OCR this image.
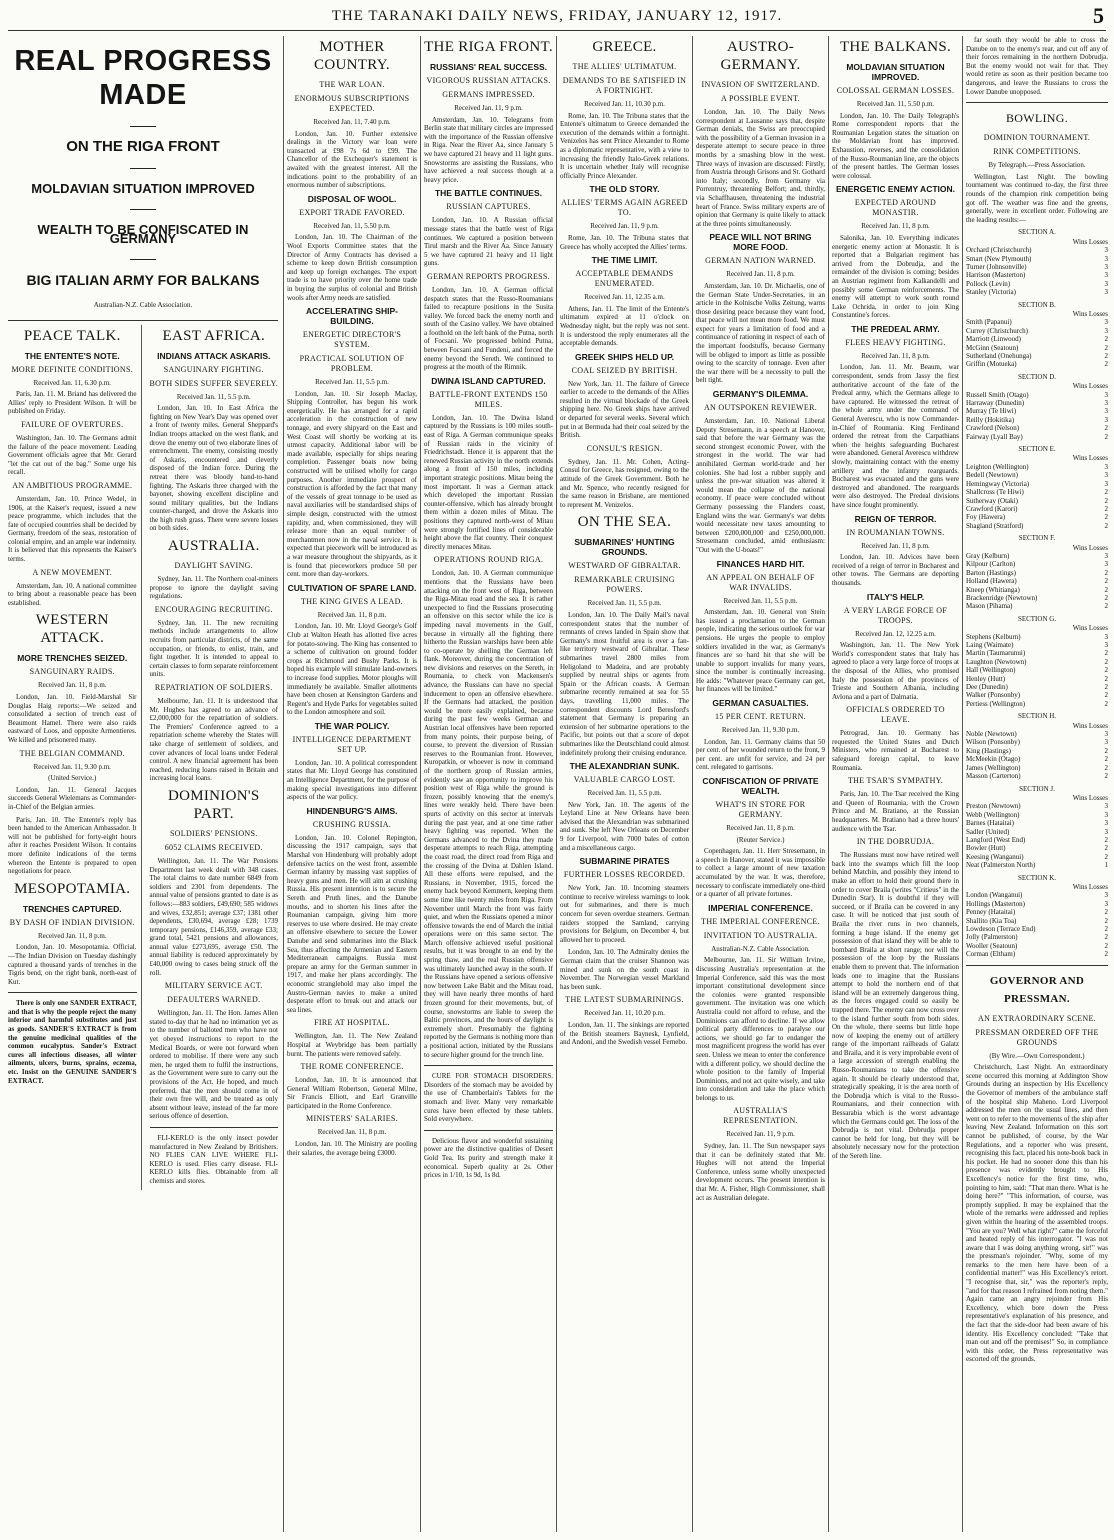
THE TARANAKI DAILY NEWS, FRIDAY, JANUARY 12, 1917.	5
REAL PROGRESS MADE
ON THE RIGA FRONT
MOLDAVIAN SITUATION IMPROVED
WEALTH TO BE CONFISCATED IN GERMANY
BIG ITALIAN ARMY FOR BALKANS
Australian-N.Z. Cable Association.
PEACE TALK.
THE ENTENTE'S NOTE.
MORE DEFINITE CONDITIONS.
Received Jan. 11, 6.30 p.m.

Paris, Jan. 11. M. Briand has delivered the Allies' reply to President Wilson. It will be published on Friday.

FAILURE OF OVERTURES.

Washington, Jan. 10. The Germans admit the failure of the peace movement. Leading Government officials agree that Mr. Gerard "let the cat out of the bag." Some urge his recall.

AN AMBITIOUS PROGRAMME.

Amsterdam, Jan. 10. Prince Wedel, in 1906, at the Kaiser's request, issued a new peace programme, which includes that the fate of occupied countries shall be decided by Germany, freedom of the seas, restoration of colonial empire, and an ample war indemnity. It is believed that this represents the Kaiser's terms.

A NEW MOVEMENT.

Amsterdam, Jan. 10. A national committee to bring about a reasonable peace has been established.

WESTERN ATTACK.
MORE TRENCHES SEIZED.
SANGUINARY RAIDS.
Received Jan. 11, 8 p.m.

London, Jan. 10. Field-Marshal Sir Douglas Haig reports:—We seized and consolidated a section of trench east of Beaumont Hamel. There were also raids eastward of Loos, and opposite Armentieres. We killed and prisonered many.

THE BELGIAN COMMAND.
Received Jan. 11, 9.30 p.m.
(United Service.)

London, Jan. 11. General Jacques succeeds General Wielemans as Commander-in-Chief of the Belgian armies.

Paris, Jan. 10. The Entente's reply has been handed to the American Ambassador. It will not be published for forty-eight hours after it reaches President Wilson. It contains more definite indications of the terms whereon the Entente is prepared to open negotiations for peace.

MESOPOTAMIA.
TRENCHES CAPTURED.
BY DASH OF INDIAN DIVISION.
Received Jan. 11, 8 p.m.

London, Jan. 10. Mesopotamia. Official.—The Indian Division on Tuesday dashingly captured a thousand yards of trenches in the Tigris bend, on the right bank, north-east of Kut.

There is only one SANDER EXTRACT, and that is why the people reject the many inferior and harmful substitutes and just as goods. SANDER'S EXTRACT is from the genuine medicinal qualities of the common eucalyptus. Sander's Extract cures all infectious diseases, all winter ailments, ulcers, burns, sprains, eczema, etc. Insist on the GENUINE SANDER'S EXTRACT.

EAST AFRICA.
INDIANS ATTACK ASKARIS.
SANGUINARY FIGHTING.
BOTH SIDES SUFFER SEVERELY.
Received Jan. 11, 5.5 p.m.

London, Jan. 10. In East Africa the fighting on New Year's Day was opened over a front of twenty miles. General Sheppard's Indian troops attacked on the west flank, and drove the enemy out of two elaborate lines of entrenchment. The enemy, consisting mostly of Askaris, encountered and cleverly disposed of the Indian force. During the retreat there was bloody hand-to-hand fighting. The Askaris three charged with the bayonet, showing excellent discipline and sound military qualities, but the Indians counter-charged, and drove the Askaris into the high rush grass. There were severe losses on both sides.

AUSTRALIA.
DAYLIGHT SAVING.

Sydney, Jan. 11. The Northern coal-miners propose to ignore the daylight saving regulations.

ENCOURAGING RECRUITING.

Sydney, Jan. 11. The new recruiting methods include arrangements to allow recruits from particular districts, of the same occupation, or friends, to enlist, train, and fight together. It is intended to appeal to certain classes to form separate reinforcement units.

REPATRIATION OF SOLDIERS.

Melbourne, Jan. 11. It is understood that Mr. Hughes has agreed to an advance of £2,000,000 for the repatriation of soldiers. The Premiers' Conference agreed to a repatriation scheme whereby the States will take charge of settlement of soldiers, and cover advances of local loans under Federal control. A new financial agreement has been reached, reducing loans raised in Britain and increasing local loans.

DOMINION'S PART.
SOLDIERS' PENSIONS.
6052 CLAIMS RECEIVED.

Wellington, Jan. 11. The War Pensions Department last week dealt with 348 cases. The total claims to date number 6849 from soldiers and 2301 from dependents. The annual value of pensions granted to date is as follows:—883 soldiers, £49,690; 585 widows and wives, £32,851; average £37; 1381 other dependents, £30,694, average £28; 1739 temporary pensions, £146,359, average £33; grand total, 5421 pensions and allowances, annual value £273,695, average £50. The annual liability is reduced approximately by £40,000 owing to cases being struck off the roll.

MILITARY SERVICE ACT.
DEFAULTERS WARNED.

Wellington, Jan. 11. The Hon. James Allen stated to-day that he had no intimation yet as to the number of balloted men who have not yet obeyed instructions to report to the Medical Boards, or were not forward when ordered to mobilise. If there were any such men, he urged them to fulfil the instructions, as the Government were sure to carry out the provisions of the Act. He hoped, and much preferred, that the men should come in of their own free will, and be treated as only absent without leave, instead of the far more serious offence of desertion.

FLI-KERLO is the only insect powder manufactured in New Zealand by Britishers. NO FLIES CAN LIVE WHERE FLI-KERLO is used. Flies carry disease. FLI-KERLO kills flies. Obtainable from all chemists and stores.

MOTHER COUNTRY.
THE WAR LOAN.
ENORMOUS SUBSCRIPTIONS EXPECTED.
Received Jan. 11, 7.40 p.m.

London, Jan. 10. Further extensive dealings in the Victory war loan were transacted at £98 7s 6d to £99. The Chancellor of the Exchequer's statement is awaited with the greatest interest. All the indications point to the probability of an enormous number of subscriptions.

DISPOSAL OF WOOL.
EXPORT TRADE FAVORED.
Received Jan. 11, 5.50 p.m.

London, Jan. 10. The Chairman of the Wool Exports Committee states that the Director of Army Contracts has devised a scheme to keep down British consumption and keep up foreign exchanges. The export trade is to have priority over the home trade in buying the surplus of colonial and British wools after Army needs are satisfied.

ACCELERATING SHIP-BUILDING.
ENERGETIC DIRECTOR'S SYSTEM.
PRACTICAL SOLUTION OF PROBLEM.
Received Jan. 11, 5.5 p.m.

London, Jan. 10. Sir Joseph Maclay, Shipping Controller, has begun his work energetically. He has arranged for a rapid acceleration in the construction of new tonnage, and every shipyard on the East and West Coast will shortly be working at its utmost capacity. Additional labor will be made available, especially for ships nearing completion. Passenger boats now being constructed will be utilised wholly for cargo purposes. Another immediate prospect of construction is afforded by the fact that many of the vessels of great tonnage to be used as naval auxiliaries will be standardised ships of simple design, constructed with the utmost rapidity, and, when commissioned, they will release more than an equal number of merchantmen now in the naval service. It is expected that piecework will be introduced as a war measure throughout the shipyards, as it is found that pieceworkers produce 50 per cent. more than day-workers.

CULTIVATION OF SPARE LAND.
THE KING GIVES A LEAD.
Received Jan. 11, 8 p.m.

London, Jan. 10. Mr. Lloyd George's Golf Club at Walton Heath has allotted five acres for potato-sowing. The King has consented to a scheme of cultivation on ground fodder crops at Richmond and Bushy Parks. It is hoped his example will stimulate land-owners to increase food supplies. Motor ploughs will immediately be available. Smaller allotments have been chosen at Kensington Gardens and Regent's and Hyde Parks for vegetables suited to the London atmosphere and soil.

THE WAR POLICY.
INTELLIGENCE DEPARTMENT SET UP.

London, Jan. 10. A political correspondent states that Mr. Lloyd George has constituted an Intelligence Department, for the purpose of making special investigations into different aspects of the war policy.

HINDENBURG'S AIMS.
CRUSHING RUSSIA.

London, Jan. 10. Colonel Repington, discussing the 1917 campaign, says that Marshal von Hindenburg will probably adopt defensive tactics on the west front, assemble German infantry by massing vast supplies of heavy guns and men. He will aim at crushing Russia. His present intention is to secure the Sereth and Pruth lines, and the Danube mouths, and to shorten his lines after the Roumanian campaign, giving him more reserves to use where desired. He may create an offensive elsewhere to secure the Lower Danube and send submarines into the Black Sea, thus affecting the Armenian and Eastern Mediterranean campaigns. Russia must prepare an army for the German summer in 1917, and make her plans accordingly. The economic stranglehold may also impel the Austro-German navies to make a united desperate effort to break out and attack our sea lines.

FIRE AT HOSPITAL.

Wellington, Jan. 11. The New Zealand Hospital at Weybridge has been partially burnt. The patients were removed safely.

THE ROME CONFERENCE.

London, Jan. 10. It is announced that General William Robertson, General Milne, Sir Francis Elliott, and Earl Granville participated in the Rome Conference.

MINISTERS' SALARIES.
Received Jan. 11, 8 p.m.

London, Jan. 10. The Ministry are pooling their salaries, the average being £3000.

THE RIGA FRONT.
RUSSIANS' REAL SUCCESS.
VIGOROUS RUSSIAN ATTACKS.
GERMANS IMPRESSED.
Received Jan. 11, 9 p.m.

Amsterdam, Jan. 10. Telegrams from Berlin state that military circles are impressed with the importance of the Russian offensive in Riga. Near the River Aa, since January 5 we have captured 21 heavy and 11 light guns. Snowstorms are assisting the Russians, who have achieved a real success though at a heavy price.

THE BATTLE CONTINUES.
RUSSIAN CAPTURES.

London, Jan. 10. A Russian official message states that the battle west of Riga continues. We captured a position between Tirul marsh and the River Aa. Since January 5 we have captured 21 heavy and 11 light guns.

GERMAN REPORTS PROGRESS.

London, Jan. 10. A German official despatch states that the Russo-Roumanians failed to recapture positions in the Susita valley. We forced back the enemy north and south of the Casino valley. We have obtained a foothold on the left bank of the Putna, north of Focsani. We progressed behind Putna, between Focsani and Fundeni, and forced the enemy beyond the Sereth. We continued to progress at the mouth of the Rimnik.

DWINA ISLAND CAPTURED.
BATTLE-FRONT EXTENDS 150 MILES.

London, Jan. 10. The Dwina Island captured by the Russians is 100 miles south-east of Riga. A German communique speaks of Russian raids in the vicinity of Friedrichstadt. Hence it is apparent that the renewed Russian activity in the north extends along a front of 150 miles, including important strategic positions. Mitau being the most important. It was a German attack which developed the important Russian counter-offensive, which has already brought them within a dozen miles of Mitau. The positions they captured north-west of Mitau were strongly fortified lines of considerable height above the flat country. Their conquest directly menaces Mitau.

OPERATIONS ROUND RIGA.

London, Jan. 10. A German communique mentions that the Russians have been attacking on the front west of Riga, between the Riga-Mitau road and the sea. It is rather unexpected to find the Russians prosecuting an offensive on this sector while the ice is impeding naval movements in the Gulf, because in virtually all the fighting there hitherto the Russian warships have been able to co-operate by shelling the German left flank. Moreover, during the concentration of new divisions and reserves on the Sereth, in Roumania, to check von Mackensen's advance, the Russians can have no special inducement to open an offensive elsewhere. If the Germans had attacked, the position would be more easily explained, because during the past few weeks German and Austrian local offensives have been reported from many points, their purpose being, of course, to prevent the diversion of Russian reserves to the Roumanian front. However, Kuropatkin, or whoever is now in command of the northern group of Russian armies, evidently saw an opportunity to improve his position west of Riga while the ground is frozen, possibly knowing that the enemy's lines were weakly held. There have been spurts of activity on this sector at intervals during the past year, and at one time rather heavy fighting was reported. When the Germans advanced to the Dvina they made desperate attempts to reach Riga, attempting the coast road, the direct road from Riga and the crossing of the Dvina at Dahlen Island. All these efforts were repulsed, and the Russians, in November, 1915, forced the enemy back beyond Kemmern, keeping them some time like twenty miles from Riga. From November until March the front was fairly quiet, and when the Russians opened a minor offensive towards the end of March the initial operations were on this same sector. The March offensive achieved useful positional results, but it was brought to an end by the spring thaw, and the real Russian offensive was ultimately launched away in the south. If the Russians have opened a serious offensive now between Lake Babit and the Mitau road, they will have nearly three months of hard frozen ground for their movements, but, of course, snowstorms are liable to sweep the Baltic provinces, and the hours of daylight is extremely short. Presumably the fighting reported by the Germans is nothing more than a positional action, initiated by the Russians to secure higher ground for the trench line.

CURE FOR STOMACH DISORDERS. Disorders of the stomach may be avoided by the use of Chamberlain's Tablets for the stomach and liver. Many very remarkable cures have been effected by these tablets. Sold everywhere.

Delicious flavor and wonderful sustaining power are the distinctive qualities of Desert Gold Tea. Its purity and strength make it economical. Superb quality at 2s. Other prices in 1/10, 1s 9d, 1s 8d.

GREECE.
THE ALLIES' ULTIMATUM.
DEMANDS TO BE SATISFIED IN A FORTNIGHT.
Received Jan. 11, 10.30 p.m.

Rome, Jan. 10. The Tribuna states that the Entente's ultimatum to Greece demanded the execution of the demands within a fortnight. Venizelos has sent Prince Alexander to Rome as a diplomatic representative, with a view to increasing the friendly Italo-Greek relations. It is uncertain whether Italy will recognise officially Prince Alexander.

THE OLD STORY.
ALLIES' TERMS AGAIN AGREED TO.
Received Jan. 11, 9 p.m.

Rome, Jan. 10. The Tribuna states that Greece has wholly accepted the Allies' terms.

THE TIME LIMIT.
ACCEPTABLE DEMANDS ENUMERATED.
Received Jan. 11, 12.35 a.m.

Athens, Jan. 11. The limit of the Entente's ultimatum expired at 11 o'clock on Wednesday night, but the reply was not sent. It is understood the reply enumerates all the acceptable demands.

GREEK SHIPS HELD UP.
COAL SEIZED BY BRITISH.

New York, Jan. 11. The failure of Greece earlier to accede to the demands of the Allies resulted in the virtual blockade of the Greek shipping here. No Greek ships have arrived or departed for several weeks. Several which put in at Bermuda had their coal seized by the British.

CONSUL'S RESIGN.

Sydney, Jan. 11. Mr. Cohen, Acting-Consul for Greece, has resigned, owing to the attitude of the Greek Government. Both he and Mr. Spence, who recently resigned for the same reason in Brisbane, are mentioned to represent M. Venizelos.

ON THE SEA.
SUBMARINES' HUNTING GROUNDS.
WESTWARD OF GIBRALTAR.
REMARKABLE CRUISING POWERS.
Received Jan. 11, 5.5 p.m.

London, Jan. 10. The Daily Mail's naval correspondent states that the number of remnants of crews landed in Spain show that Germany's most fruitful area is over a fan-like territory westward of Gibraltar. These submarines travel 2800 miles from Heligoland to Madeira, and are probably supplied by neutral ships or agents from Spain or the African coasts. A German submarine recently remained at sea for 55 days, travelling 11,000 miles. The correspondent discounts Lord Beresford's statement that Germany is preparing an extension of her submarine operations to the Pacific, but points out that a score of depot submarines like the Deutschland could almost indefinitely prolong their cruising endurance.

THE ALEXANDRIAN SUNK.
VALUABLE CARGO LOST.
Received Jan. 11, 5.5 p.m.

New York, Jan. 10. The agents of the Leyland Line at New Orleans have been advised that the Alexandrian was submarined and sunk. She left New Orleans on December 9 for Liverpool, with 7000 bales of cotton and a miscellaneous cargo.

SUBMARINE PIRATES
FURTHER LOSSES RECORDED.

New York, Jan. 10. Incoming steamers continue to receive wireless warnings to look out for submarines, and there is much concern for seven overdue steamers. German raiders stopped the Samland, carrying provisions for Belgium, on December 4, but allowed her to proceed.

London, Jan. 10. The Admiralty denies the German claim that the cruiser Shannon was mined and sunk on the south coast in November. The Norwegian vessel Markland has been sunk.

THE LATEST SUBMARININGS.
Received Jan. 11, 10.20 p.m.

London, Jan. 11. The sinkings are reported of the British steamers Baynesk, Lynfield, and Andoni, and the Swedish vessel Fernebo.

AUSTRO-GERMANY.
INVASION OF SWITZERLAND.
A POSSIBLE EVENT.

London, Jan. 10. The Daily News correspondent at Lausanne says that, despite German denials, the Swiss are preoccupied with the possibility of a German invasion in a desperate attempt to secure peace in three months by a smashing blow in the west. Three ways of invasion are discussed: Firstly, from Austria through Grisons and St. Gothard into Italy; secondly, from Germany via Porrentruy, threatening Belfort; and, thirdly, via Schaffhausen, threatening the industrial heart of France. Swiss military experts are of opinion that Germany is quite likely to attack at the three points simultaneously.

PEACE WILL NOT BRING MORE FOOD.
GERMAN NATION WARNED.
Received Jan. 11, 8 p.m.

Amsterdam, Jan. 10. Dr. Michaelis, one of the German State Under-Secretaries, in an article in the Kolnische Volks Zeitung, warns those desiring peace because they want food, that peace will not mean more food. We must expect for years a limitation of food and a continuance of rationing in respect of each of the important foodstuffs, because Germany will be obliged to import as little as possible owing to the scarcity of tonnage. Even after the war there will be a necessity to pull the belt tight.

GERMANY'S DILEMMA.
AN OUTSPOKEN REVIEWER.

Amsterdam, Jan. 10. National Liberal Deputy Stresemann, in a speech at Hanover, said that before the war Germany was the second strongest economic Power, with the strongest in the world. The war had annihilated German world-trade and her colonies. She had lost a rubber supply and unless the pre-war situation was altered it would mean the collapse of the national economy. If peace were concluded without Germany possessing the Flanders coast, England wins the war. Germany's war debts would necessitate new taxes amounting to between £200,000,000 and £250,000,000. Stresemann concluded, amid enthusiasm: "Out with the U-boats!"

FINANCES HARD HIT.
AN APPEAL ON BEHALF OF WAR INVALIDS.
Received Jan. 11, 5.5 p.m.

Amsterdam, Jan. 10. General von Stein has issued a proclamation to the German people, indicating the serious outlook for war pensions. He urges the people to employ soldiers invalided in the war, as Germany's finances are so hard hit that she will be unable to support invalids for many years, since the number is continually increasing. He adds: "Whatever peace Germany can get, her finances will be limited."

GERMAN CASUALTIES.
15 PER CENT. RETURN.
Received Jan. 11, 9.30 p.m.

London, Jan. 11. Germany claims that 50 per cent. of her wounded return to the front, 9 per cent. are unfit for service, and 24 per cent. relegated to garrisons.

CONFISCATION OF PRIVATE WEALTH.
WHAT'S IN STORE FOR GERMANY.
Received Jan. 11, 8 p.m.
(Reuter Service.)

Copenhagen, Jan. 11. Herr Stresemann, in a speech in Hanover, stated it was impossible to collect a large amount of new taxation accumulated by the war. It was, therefore, necessary to confiscate immediately one-third or a quarter of all private fortunes.

IMPERIAL CONFERENCE.
THE IMPERIAL CONFERENCE.
INVITATION TO AUSTRALIA.
Australian-N.Z. Cable Association.

Melbourne, Jan. 11. Sir William Irvine, discussing Australia's representation at the Imperial Conference, said this was the most important constitutional development since the colonies were granted responsible government. The invitation was one which Australia could not afford to refuse, and the Dominions can afford to decline. If we allow political party differences to paralyse our actions, we should go far to endanger the most magnificent progress the world has ever seen. Unless we mean to enter the conference with a different policy, we should decline the whole position to the family of Imperial Dominions, and not act quite wisely, and take into consideration and take the place which belongs to us.

AUSTRALIA'S REPRESENTATION.
Received Jan. 11, 9 p.m.

Sydney, Jan. 11. The Sun newspaper says that it can be definitely stated that Mr. Hughes will not attend the Imperial Conference, unless some wholly unexpected development occurs. The present intention is that Mr. A. Fisher, High Commissioner, shall act as Australian delegate.

THE BALKANS.
MOLDAVIAN SITUATION IMPROVED.
COLOSSAL GERMAN LOSSES.
Received Jan. 11, 5.50 p.m.

London, Jan. 10. The Daily Telegraph's Rome correspondent reports that the Roumanian Legation states the situation on the Moldavian front has improved. Exhaustion, reverses, and the consolidation of the Russo-Roumanian line, are the objects of the present battles. The German losses were colossal.

ENERGETIC ENEMY ACTION.
EXPECTED AROUND MONASTIR.
Received Jan. 11, 8 p.m.

Salonika, Jan. 10. Everything indicates energetic enemy action at Monastir. It is reported that a Bulgarian regiment has arrived from the Dobrudja, and the remainder of the division is coming; besides an Austrian regiment from Kalkandelli and possibly some German reinforcements. The enemy will attempt to work south round Lake Ochrida, in order to join King Constantine's forces.

THE PREDEAL ARMY.
FLEES HEAVY FIGHTING.
Received Jan. 11, 8 p.m.

London, Jan. 11. Mr. Beaum, war correspondent, sends from Jassy the first authoritative account of the fate of the Predeal army, which the Germans allege to have captured. He witnessed the retreat of the whole army under the command of General Averescu, who is now Commander-in-Chief of Roumania. King Ferdinand ordered the retreat from the Carpathians when the heights safeguarding Bucharest were abandoned. General Averescu withdrew slowly, maintaining contact with the enemy artillery and the infantry rearguards. Bucharest was evacuated and the guns were destroyed and abandoned. The rearguards were also destroyed. The Predeal divisions have since fought prominently.

REIGN OF TERROR.
IN ROUMANIAN TOWNS.
Received Jan. 11, 8 p.m.

London, Jan. 10. Advices have been received of a reign of terror in Bucharest and other towns. The Germans are deporting thousands.

ITALY'S HELP.
A VERY LARGE FORCE OF TROOPS.
Received Jan. 12, 12.25 a.m.

Washington, Jan. 11. The New York World's correspondent states that Italy has agreed to place a very large force of troops at the disposal of the Allies, who promised Italy the possession of the provinces of Trieste and Southern Albania, including Avlona and a part of Dalmatia.

OFFICIALS ORDERED TO LEAVE.

Petrograd, Jan. 10. Germany has requested the United States and Dutch Ministers, who remained at Bucharest to safeguard foreign capital, to leave Roumania.

THE TSAR'S SYMPATHY.

Paris, Jan. 10. The Tsar received the King and Queen of Roumania, with the Crown Prince and M. Bratiano, at the Russian headquarters. M. Bratiano had a three hours' audience with the Tsar.

IN THE DOBRUDJA.

The Russians must now have retired well back into the swamps which fill the loop behind Matchin, and possibly they intend to make an effort to hold their ground there in order to cover Braila (writes "Critieus" in the Dunedin Star). It is doubtful if they will succeed, or if Braila can be covered in any case. It will be noticed that just south of Braila the river runs in two channels, forming a huge island. If the enemy get possession of that island they will be able to bombard Braila at short range; nor will the possession of the loop by the Russians enable them to prevent that. The information leads one to imagine that the Russians attempt to hold the northern end of that island will be an extremely dangerous thing, as the forces engaged could so easily be trapped there. The enemy can now cross over to the island further south from both sides. On the whole, there seems but little hope now of keeping the enemy out of artillery range of the important railheads of Galatz and Braila, and it is very improbable event of a large accession of strength enabling the Russo-Roumanians to take the offensive again. It should be clearly understood that, strategically speaking, it is the area north of the Dobrudja which is vital to the Russo-Roumanians, and their connection with Bessarabia which is the worst advantage which the Germans could get. The loss of the Dobrudja is not vital. Dobrudja proper cannot be held for long, but they will be absolutely necessary now for the protection of the Sereth line.

far south they would be able to cross the Danube on to the enemy's rear, and cut off any of their forces remaining in the northern Dobrudja. But the enemy would not wait for that. They would retire as soon as their position became too dangerous, and leave the Russians to cross the Lower Danube unopposed.

BOWLING.
DOMINION TOURNAMENT.
RINK COMPETITIONS.
By Telegraph.—Press Association.

Wellington, Last Night. The bowling tournament was continued to-day, the first three rounds of the champion rink competition being got off. The weather was fine and the greens, generally, were in excellent order. Following are the leading results:—

SECTION A.
Wins Losses
Orchard (Christchurch)	3
Smart (New Plymouth)	3
Turner (Johnsonville)	3
Harrison (Masterton)	3
Pollock (Levin)	3
Stanley (Victoria)	3
SECTION B.
Wins Losses
Smith (Papanui)	3
Currey (Christchurch)	3
Marriott (Linwood)	2
McGinn (Seatoun)	2
Sutherland (Onehunga)	2
Griffin (Motueka)	2
SECTION D.
Wins Losses
Russell Smith (Otago)	3
Harraway (Dunedin)	3
Murray (Te Hiwi)	3
Reilly (Hokitika)	3
Crawford (Nelson)	2
Fairway (Lyall Bay)	2
SECTION E.
Wins Losses
Leighton (Wellington)	3
Bedell (Newtown)	3
Hemingway (Victoria)	3
Shallcross (Te Hiwi)	2
Sutherway (Otaki)	2
Crawford (Karori)	2
Foy (Hawera)	2
Shagland (Stratford)	2
SECTION F.
Wins Losses
Gray (Kelburn)	3
Kilpour (Carlton)	3
Barton (Hastings)	2
Holland (Hawera)	2
Kneep (Whitianga)	2
Brackenridge (Newtown)	2
Mason (Pihama)	2
SECTION G.
Wins Losses
Stephens (Kelburn)	3
Laing (Waimate)	3
Martin (Taumarunui)	2
Laughton (Newtown)	2
Hall (Wellington)	2
Henley (Hutt)	2
Dee (Dunedin)	2
Walker (Ponsonby)	2
Pertiess (Wellington)	2
SECTION H.
Wins Losses
Noble (Newtown)	3
Wilson (Ponsonby)	3
King (Hastings)	2
McMeekin (Otago)	2
James (Wellington)	2
Masson (Carterton)	2
SECTION J.
Wins Losses
Preston (Newtown)	3
Webb (Wellington)	3
Barnes (Hataitai)	3
Sadler (United)	3
Langford (West End)	2
Bowler (Hutt)	2
Keesing (Wanganui)	2
Neat (Palmerston North)	1
SECTION K.
Wins Losses
London (Wanganui)	3
Hollings (Masterton)	3
Penney (Hataitai)	2
Shallito (Kia Toa)	2
Lowdeson (Terrace End)	2
Jolly (Palmerston)	2
Wooller (Seatoun)	2
Corman (Eltham)	2
GOVERNOR AND PRESSMAN.
AN EXTRAORDINARY SCENE.
PRESSMAN ORDERED OFF THE GROUNDS
(By Wire.—Own Correspondent.)

Christchurch, Last Night. An extraordinary scene occurred this morning at Addington Show Grounds during an inspection by His Excellency the Governor of members of the ambulance staff of the hospital ship Maheno. Lord Liverpool addressed the men on the usual lines, and then went on to refer to the movements of the ship after leaving New Zealand. Information on this sort cannot be published, of course, by the War Regulations, and a reporter who was present, recognising this fact, placed his note-book back in his pocket. He had no sooner done this than his presence was evidently brought to His Excellency's notice for the first time, who, pointing to him, said: "That man there. What is he doing here?" "This information, of course, was promptly supplied. It may be explained that the whole of the remarks were addressed and replies given within the hearing of the assembled troops. "You are you? Well what right?" came the forceful and heated reply of his interrogator. "I was not aware that I was doing anything wrong, sir!" was the pressman's rejoinder. "Why, some of my remarks to the men here have been of a confidential matter!" was His Excellency's retort. "I recognise that, sir," was the reporter's reply, "and for that reason I refrained from noting them." Again came an angry rejoinder from His Excellency, which bore down the Press representative's explanation of his presence, and the fact that the side-door had been aware of his identity. His Excellency concluded: "Take that man out and off the premises!" So, in compliance with this order, the Press representative was escorted off the grounds.
